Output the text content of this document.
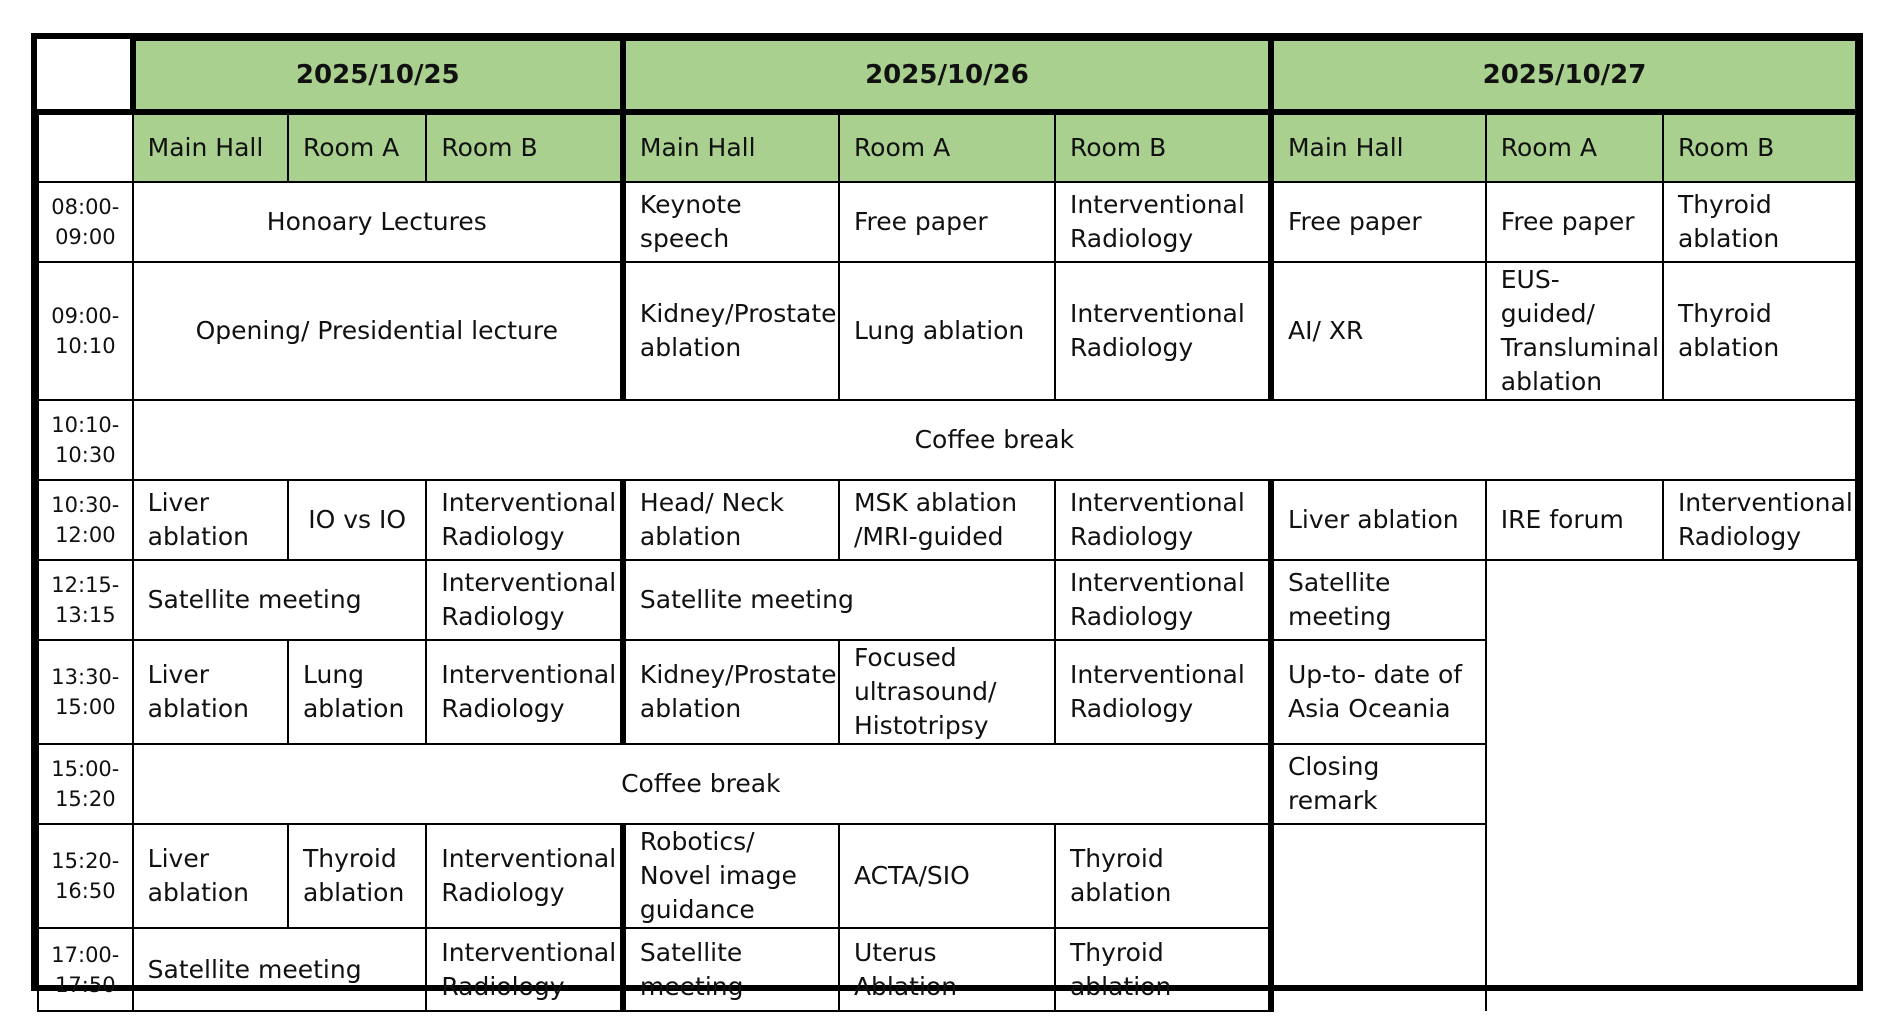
	2025/10/25			2025/10/26			2025/10/27		
	Main Hall	Room A	Room B	Main Hall	Room A	Room B	Main Hall	Room A	Room B
08:00-
09:00	Honoary Lectures			Keynote speech	Free paper	Interventional Radiology	Free paper	Free paper	Thyroid ablation
09:00-
10:10	Opening/ Presidential lecture			Kidney/Prostate ablation	Lung ablation	Interventional Radiology	AI/ XR	EUS-guided/ Transluminal ablation	Thyroid ablation
10:10-
10:30	Coffee break								
10:30-
12:00	Liver ablation	IO vs IO	Interventional Radiology	Head/ Neck ablation	MSK ablation /MRI-guided	Interventional Radiology	Liver ablation	IRE forum	Interventional Radiology
12:15-
13:15	Satellite meeting		Interventional Radiology	Satellite meeting		Interventional Radiology	Satellite meeting		
13:30-
15:00	Liver ablation	Lung ablation	Interventional Radiology	Kidney/Prostate ablation	Focused ultrasound/ Histotripsy	Interventional Radiology	Up-to- date of Asia Oceania		
15:00-
15:20	Coffee break						Closing remark		
15:20-
16:50	Liver ablation	Thyroid ablation	Interventional Radiology	Robotics/ Novel image guidance	ACTA/SIO	Thyroid ablation			
17:00-
17:50	Satellite meeting		Interventional Radiology	Satellite meeting	Uterus Ablation	Thyroid ablation			
